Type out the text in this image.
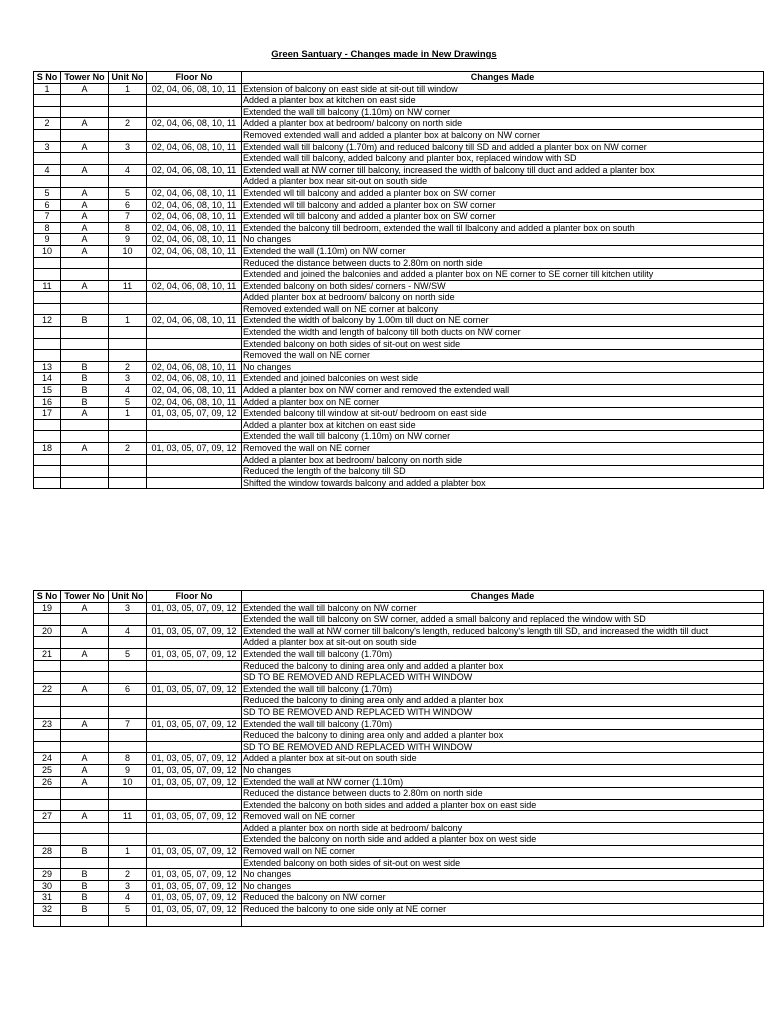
Green Santuary - Changes made in New Drawings
S No	Tower No	Unit No	Floor No	Changes Made
1	A	1	02, 04, 06, 08, 10, 11	Extension of balcony on east side at sit-out till window
				Added a planter box at kitchen on east side
				Extended the wall till balcony (1.10m) on NW corner
2	A	2	02, 04, 06, 08, 10, 11	Added a planter box at bedroom/ balcony on north side
				Removed extended wall and added a planter box at balcony on NW corner
3	A	3	02, 04, 06, 08, 10, 11	Extended wall till balcony (1.70m) and reduced balcony till SD and added a planter box on NW corner
				Extended wall till balcony, added balcony and planter box, replaced window with SD
4	A	4	02, 04, 06, 08, 10, 11	Extended wall at NW corner till balcony, increased the width of balcony till duct and added a planter box
				Added a planter box near sit-out on south side
5	A	5	02, 04, 06, 08, 10, 11	Extended wll till balcony and added a planter box on SW corner
6	A	6	02, 04, 06, 08, 10, 11	Extended wll till balcony and added a planter box on SW corner
7	A	7	02, 04, 06, 08, 10, 11	Extended wll till balcony and added a planter box on SW corner
8	A	8	02, 04, 06, 08, 10, 11	Extended the balcony till bedroom, extended the wall til lbalcony and added a planter box on south
9	A	9	02, 04, 06, 08, 10, 11	No changes
10	A	10	02, 04, 06, 08, 10, 11	Extended the wall (1.10m) on NW corner
				Reduced the distance between ducts to 2.80m on north side
				Extended and joined the balconies and added a planter box on NE corner to SE corner till kitchen utility
11	A	11	02, 04, 06, 08, 10, 11	Extended balcony on both sides/ corners - NW/SW
				Added planter box at bedroom/ balcony on north side
				Removed extended wall on NE corner at balcony
12	B	1	02, 04, 06, 08, 10, 11	Extended the width of balcony by 1.00m till duct on NE corner
				Extended the width and length of balcony till both ducts on NW corner
				Extended balcony on both sides of sit-out on west side
				Removed the wall on NE corner
13	B	2	02, 04, 06, 08, 10, 11	No changes
14	B	3	02, 04, 06, 08, 10, 11	Extended and joined balconies on west side
15	B	4	02, 04, 06, 08, 10, 11	Added a planter box on NW corner and removed the extended wall
16	B	5	02, 04, 06, 08, 10, 11	Added a planter box on NE corner
17	A	1	01, 03, 05, 07, 09, 12	Extended balcony till window at sit-out/ bedroom on east side
				Added a planter box at kitchen on east side
				Extended the wall till balcony (1.10m) on NW corner
18	A	2	01, 03, 05, 07, 09, 12	Removed the wall on NE corner
				Added a planter box at bedroom/ balcony on north side
				Reduced the length of the balcony till SD
				Shifted the window towards balcony and added a plabter box
S No	Tower No	Unit No	Floor No	Changes Made
19	A	3	01, 03, 05, 07, 09, 12	Extended the wall till balcony on NW corner
				Extended the wall till balcony on SW corner, added a small balcony and replaced the window with SD
20	A	4	01, 03, 05, 07, 09, 12	Extended the wall at NW corner till balcony's length, reduced balcony's length till SD, and increased the width till duct
				Added a planter box at sit-out on south side
21	A	5	01, 03, 05, 07, 09, 12	Extended the wall till balcony (1.70m)
				Reduced the balcony to dining area only and added a planter box
				SD TO BE REMOVED AND REPLACED WITH WINDOW
22	A	6	01, 03, 05, 07, 09, 12	Extended the wall till balcony (1.70m)
				Reduced the balcony to dining area only and added a planter box
				SD TO BE REMOVED AND REPLACED WITH WINDOW
23	A	7	01, 03, 05, 07, 09, 12	Extended the wall till balcony (1.70m)
				Reduced the balcony to dining area only and added a planter box
				SD TO BE REMOVED AND REPLACED WITH WINDOW
24	A	8	01, 03, 05, 07, 09, 12	Added a planter box at sit-out on south side
25	A	9	01, 03, 05, 07, 09, 12	No changes
26	A	10	01, 03, 05, 07, 09, 12	Extended the wall at NW corner (1.10m)
				Reduced the distance between ducts to 2.80m on north side
				Extended the balcony on both sides and added a planter box on east side
27	A	11	01, 03, 05, 07, 09, 12	Removed wall on NE corner
				Added a planter box on north side at bedroom/ balcony
				Extended the balcony on north side and added a planter box on west side
28	B	1	01, 03, 05, 07, 09, 12	Removed wall on NE corner
				Extended balcony on both sides of sit-out on west side
29	B	2	01, 03, 05, 07, 09, 12	No changes
30	B	3	01, 03, 05, 07, 09, 12	No changes
31	B	4	01, 03, 05, 07, 09, 12	Reduced the balcony on NW corner
32	B	5	01, 03, 05, 07, 09, 12	Reduced the balcony to one side only at NE corner
